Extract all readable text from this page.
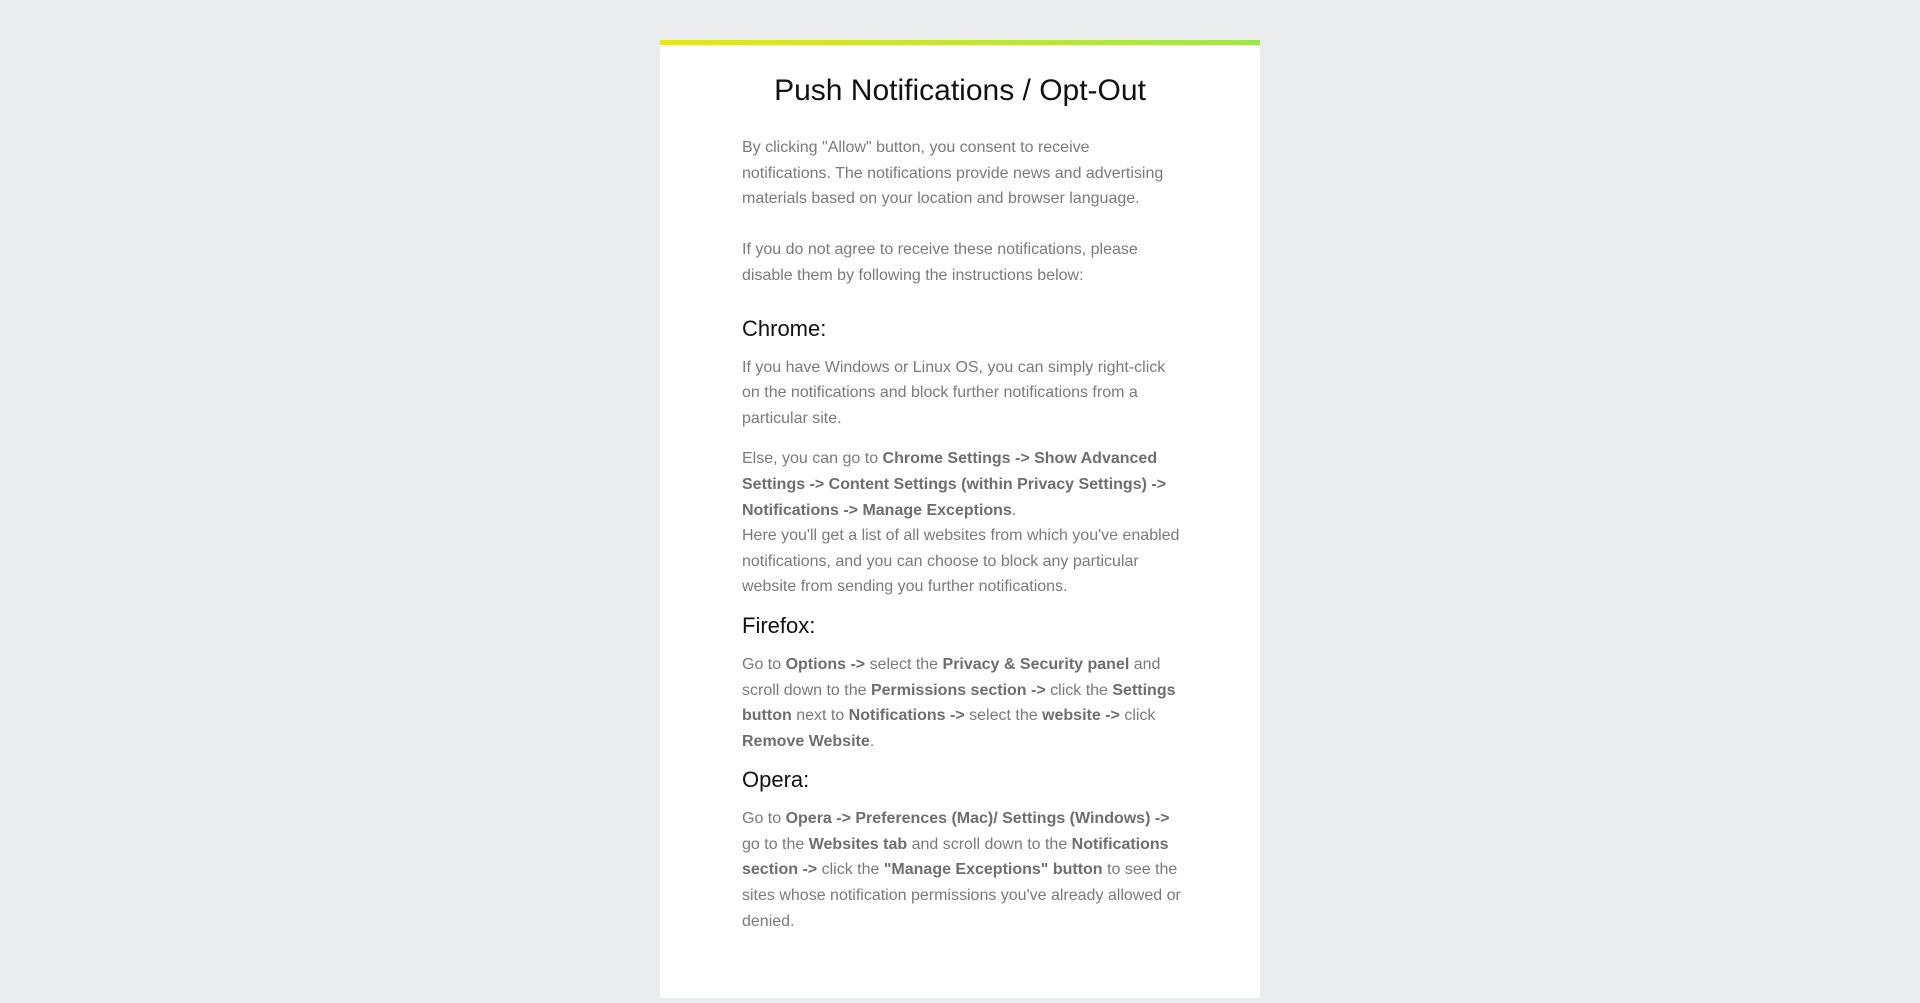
Push Notifications / Opt-Out

By clicking "Allow" button, you consent to receive notifications. The notifications provide news and advertising materials based on your location and browser language.

If you do not agree to receive these notifications, please disable them by following the instructions below:

Chrome:

If you have Windows or Linux OS, you can simply right-click on the notifications and block further notifications from a particular site.

Else, you can go to Chrome Settings -> Show Advanced Settings -> Content Settings (within Privacy Settings) -> Notifications -> Manage Exceptions.

Here you'll get a list of all websites from which you've enabled notifications, and you can choose to block any particular website from sending you further notifications.

Firefox:

Go to Options -> select the Privacy & Security panel and scroll down to the Permissions section -> click the Settings button next to Notifications -> select the website -> click Remove Website.

Opera:

Go to Opera -> Preferences (Mac)/ Settings (Windows) -> go to the Websites tab and scroll down to the Notifications section -> click the "Manage Exceptions" button to see the sites whose notification permissions you've already allowed or denied.
